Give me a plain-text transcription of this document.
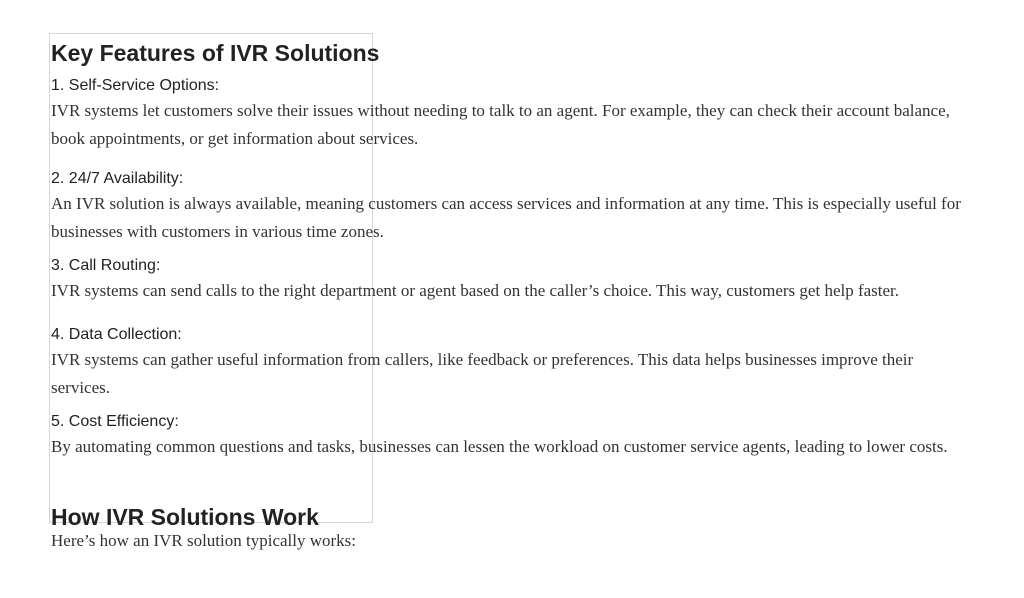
Key Features of IVR Solutions
1. Self-Service Options:

IVR systems let customers solve their issues without needing to talk to an agent. For example, they can check their account balance, book appointments, or get information about services.

2. 24/7 Availability:

An IVR solution is always available, meaning customers can access services and information at any time. This is especially useful for businesses with customers in various time zones.

3. Call Routing:

IVR systems can send calls to the right department or agent based on the caller’s choice. This way, customers get help faster.

4. Data Collection:

IVR systems can gather useful information from callers, like feedback or preferences. This data helps businesses improve their services.

5. Cost Efficiency:

By automating common questions and tasks, businesses can lessen the workload on customer service agents, leading to lower costs.

How IVR Solutions Work

Here’s how an IVR solution typically works:
